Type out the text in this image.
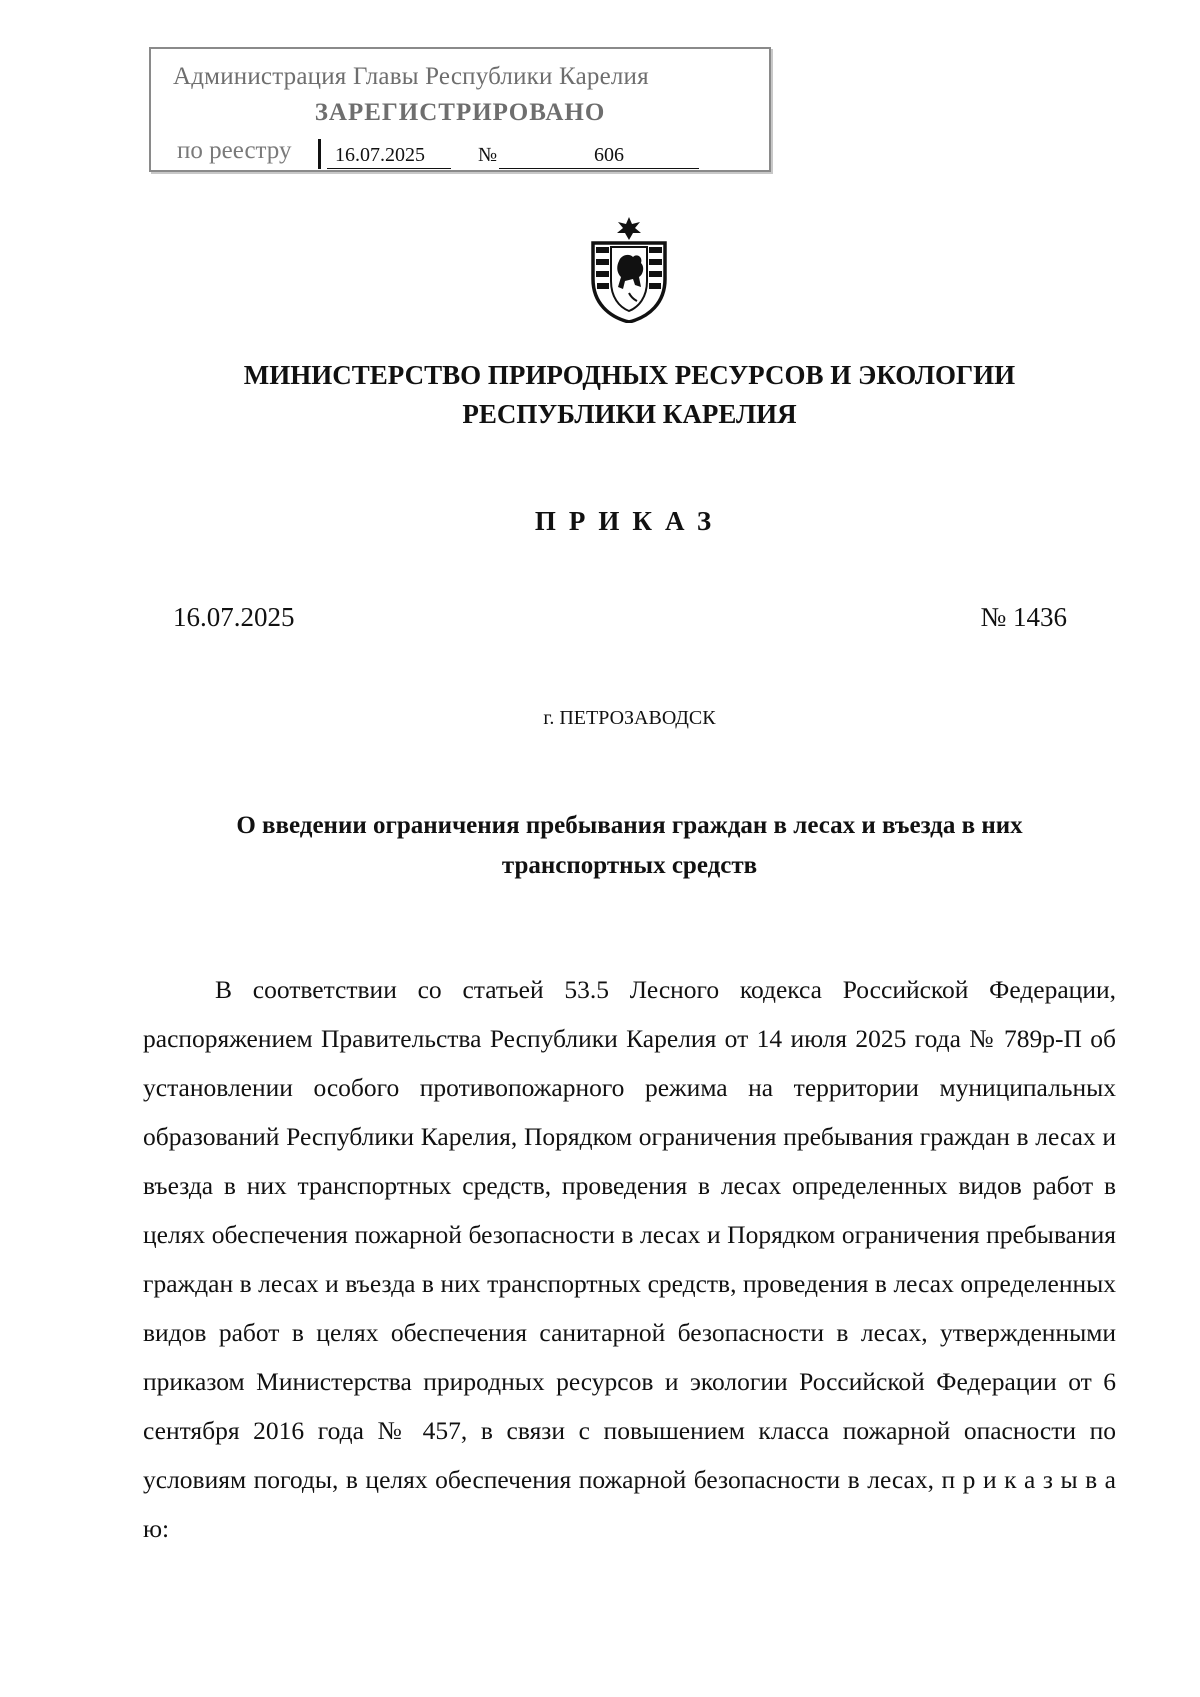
Администрация Главы Республики Карелия
ЗАРЕГИСТРИРОВАНО
по реестру 16.07.2025	№	606
МИНИСТЕРСТВО ПРИРОДНЫХ РЕСУРСОВ И ЭКОЛОГИИ
РЕСПУБЛИКИ КАРЕЛИЯ
ПРИКАЗ
16.07.2025	№ 1436
г. ПЕТРОЗАВОДСК
О введении ограничения пребывания граждан в лесах и въезда в них
транспортных средств

В соответствии со статьей 53.5 Лесного кодекса Российской Федерации, распоряжением Правительства Республики Карелия от 14 июля 2025 года № 789р-П об установлении особого противопожарного режима на территории муниципальных образований Республики Карелия, Порядком ограничения пребывания граждан в лесах и въезда в них транспортных средств, проведения в лесах определенных видов работ в целях обеспечения пожарной безопасности в лесах и Порядком ограничения пребывания граждан в лесах и въезда в них транспортных средств, проведения в лесах определенных видов работ в целях обеспечения санитарной безопасности в лесах, утвержденными приказом Министерства природных ресурсов и экологии Российской Федерации от 6 сентября 2016 года № 457, в связи с повышением класса пожарной опасности по условиям погоды, в целях обеспечения пожарной безопасности в лесах, п р и к а з ы в а ю:
